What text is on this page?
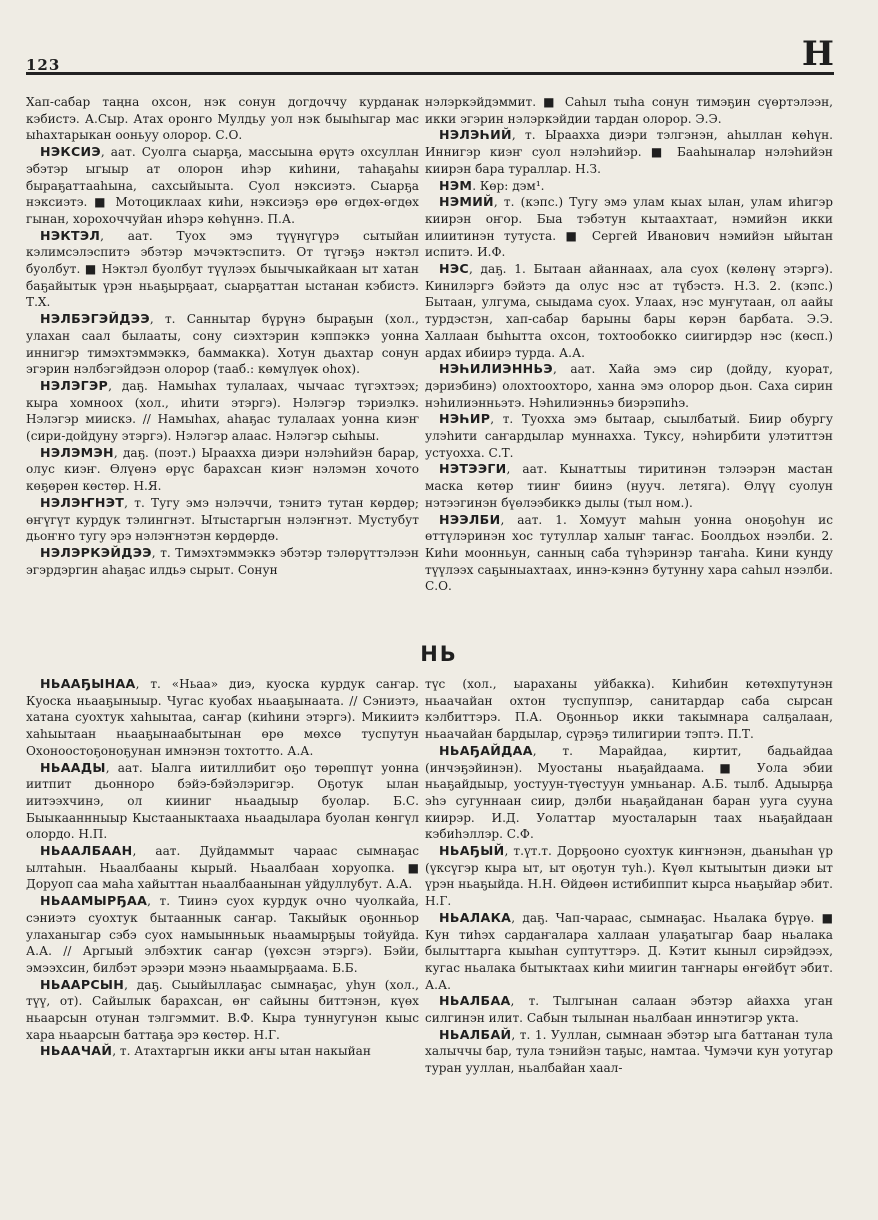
123	Н

Хап-сабар таңна охсон, нэк сонун догдоччу курданак кэбистэ. А.Сыр. Атах оронго Мулдьу уол нэк быыһыгар мас ыһахтарыкан ооньуу олорор. С.О.

НЭКСИЭ, аат. Суолга сыарҕа, массыына өрүтэ охсуллан эбэтэр ыгыыр ат олорон иһэр киһини, таһаҕаһы быраҕаттааһына, сахсыйыыта. Суол нэксиэтэ. Сыарҕа нэксиэтэ. ■ Мотоциклаах киһи, нэксиэҕэ өрө өгдөх-өгдөх гынан, хорохоччуйан иһэрэ көһүннэ. П.А.

НЭКТЭЛ, аат. Туох эмэ түүнүгүрэ сытыйан кэлимсэлэспитэ эбэтэр мэчэктэспитэ. От түгэҕэ нэктэл буолбут. ■ Нэктэл буолбут түүлээх быычыкайкаан ыт хатан баҕайытык үрэн ньаҕырҕаат, сыарҕаттан ыстанан кэбистэ. Т.Х.

НЭЛБЭГЭЙДЭЭ, т. Саннытар бүрүнэ быраҕын (хол., улахан саал былааты, сону сиэхтэрин кэппэккэ уонна иннигэр тимэхтэммэккэ, баммакка). Хотун дьахтар сонун эгэрин нэлбэгэйдээн олорор (тааб.: көмүлүөк оһох).

НЭЛЭГЭР, даҕ. Намыһах тулалаах, чычаас түгэхтээх; кыра хомноох (хол., иһити этэргэ). Нэлэгэр тэриэлкэ. Нэлэгэр миискэ. // Намыһах, аһаҕас тулалаах уонна киэҥ (сири-дойдуну этэргэ). Нэлэгэр алаас. Нэлэгэр сыһыы.

НЭЛЭМЭН, даҕ. (поэт.) Ыраахха диэри нэлэһийэн барар, олус киэҥ. Өлүөнэ өрүс барахсан киэҥ нэлэмэн хочото көҕөрөн көстөр. Н.Я.

НЭЛЭҤНЭТ, т. Тугу эмэ нэлэччи, тэнитэ тутан көрдөр; өҥүгүт курдук тэлингнэт. Ытыстаргын нэлэҥнэт. Мустубут дьоҥҥо тугу эрэ нэлэҥнэтэн көрдөрдө.

НЭЛЭРКЭЙДЭЭ, т. Тимэхтэммэккэ эбэтэр тэлөрүттэлээн эгэрдэргин аһаҕас илдьэ сырыт. Сонун

нэлэркэйдэммит. ■ Саһыл тыһа сонун тимэҕин сүөртэлээн, икки эгэрин нэлэркэйдии тардан олорор. Э.Э.

НЭЛЭҺИЙ, т. Ыраахха диэри тэлгэнэн, аһыллан көһүн. Иннигэр киэҥ суол нэлэһийэр. ■ Бааһыналар нэлэһийэн киирэн бара тураллар. Н.З.

НЭМ. Көр: дэм¹.

НЭМИЙ, т. (кэпс.) Тугу эмэ улам кыах ылан, улам иһигэр киирэн оҥор. Быа тэбэтун кытаахтаат, нэмийэн икки илиитинэн тутуста. ■ Сергей Иванович нэмийэн ыйытан испитэ. И.Ф.

НЭС, даҕ. 1. Бытаан айаннаах, ала суох (көлөнү этэргэ). Кинилэргэ бэйэтэ да олус нэс ат түбэстэ. Н.З. 2. (кэпс.) Бытаан, улгума, сыыдама суох. Улаах, нэс муҥутаан, ол аайы турдэстэн, хап-сабар барыны бары көрэн барбата. Э.Э. Халлаан быһытта охсон, тохтообокко сиигирдэр нэс (көсп.) ардах ибиирэ турда. А.А.

НЭҺИЛИЭННЬЭ, аат. Хайа эмэ сир (дойду, куорат, дэриэбинэ) олохтоохторо, ханна эмэ олорор дьон. Саха сирин нэһилиэнньэтэ. Нэһилиэнньэ биэрэпиһэ.

НЭҺИР, т. Туохха эмэ бытаар, сыылбатый. Биир обургу улэһити саҥардылар муннахха. Туксу, нэһирбити улэтиттэн устуохха. С.Т.

НЭТЭЭГИ, аат. Кынаттыы тиритинэн тэлээрэн мастан маска көтөр тииҥ биинэ (нууч. летяга). Өлүү суолун нэтээгинэн бүөлээбиккэ дылы (тыл ном.).

НЭЭЛБИ, аат. 1. Хомуут маһын уонна оноҕоһун ис өттүлэринэн хос тутуллар халыҥ таҥас. Боолдьох нээлби. 2. Киһи моонньун, санның саба түһэринэр таҥаһа. Кини кунду түүлээх саҕыныахтаах, иннэ-кэннэ бутунну хара саһыл нээлби. С.О.

НЬ

НЬААҔЫНАА, т. «Ньаа» диэ, куоска курдук саҥар. Куоска ньааҕыныыр. Чугас куобах ньааҕынаата. // Сэниэтэ, хатана суохтук хаһыытаа, саҥар (киһини этэргэ). Микиитэ хаһыытаан ньааҕынаабытынан өрө мөхсө туспутун Охонооcтоҕоноҕунан имнэнэн тохтотто. А.А.

НЬААДЫ, аат. Ыалга иитиллибит оҕо төрөппүт уонна иитпит дьонноро бэйэ-бэйэлэригэр. Оҕотук ылан иитээхчинэ, ол кииниг ньаадыыр буолар. Б.С. Быыкааннныыр Кыстааныктааха ньаадылара буолан көнгүл олордо. Н.П.

НЬААЛБААН, аат. Дуйдаммыт чараас сымнаҕас ылтаһын. Ньаалбааны кырый. Ньаалбаан хоруопка. ■ Доруоп саа маһа хайыттан ньаалбаанынан уйдуллубут. А.А.

НЬААМЫРҔАА, т. Тиинэ суох курдук очно чуолкайа, сэниэтэ суохтук бытааннык саҥар. Такыйык оҕонньор улаханыгар сэбэ суох намыынньык ньаамырҕыы тойуйда. А.А. // Аргыый элбэхтик саҥар (үөхсэн этэргэ). Бэйи, эмээхсин, билбэт эрээри мээнэ ньаамырҕаама. Б.Б.

НЬААРСЫН, даҕ. Сыыйыллаҕас сымнаҕас, уһун (хол., түү, от). Сайылык барахсан, өҥ сайыны биттэнэн, күөх ньаарсын отунан тэлгэммит. В.Ф. Кыра туннугунэн кыыс хара ньаарсын баттаҕа эрэ көстөр. Н.Г.

НЬААЧАЙ, т. Атахтаргын икки аҥы ытан накыйан

түс (хол., ыараханы уйбакка). Киһибин көтөхпутунэн ньаачайан охтон туспуппэр, санитардар саба сырсан кэлбиттэрэ. П.А. Оҕонньор икки такымнара салҕалаан, ньаачайан бардылар, сүрэҕэ тилигирии тэптэ. П.Т.

НЬАҔАЙДАА, т. Марайдаа, киртит, бадьайдаа (инчэҕэйинэн). Муостаны ньаҕайдаама. ■ Уола эбии ньаҕайдыыр, уостуун-түөстуун умньанар. А.Б. тылб. Адыырҕа эһэ сугуннаан сиир, дэлби ньаҕайданан баран ууга сууна киирэр. И.Д. Уолаттар муосталарын таах ньаҕайдаан кэбиһэллэр. С.Ф.

НЬАҔЫЙ, т.үт.т. Дорҕооно суохтук киҥнэнэн, дьаныһан үр (үксүгэр кыра ыт, ыт оҕотун туһ.). Күөл кытыытын диэки ыт үрэн ньаҕыйда. Н.Н. Өйдөөн истибиппит кырса ньаҕыйар эбит. Н.Г.

НЬАЛАКА, даҕ. Чап-чараас, сымнаҕас. Ньалака бүрүө. ■ Кун тиһэх сардаҥалара халлаан улаҕатыгар баар ньалака былыттарга кыыһан суптуттэрэ. Д. Кэтит кыныл сирэйдээх, кугас ньалака бытыктаах киһи миигин таҥнары өҥөйбүт эбит. А.А.

НЬАЛБАА, т. Тылгынан салаан эбэтэр айахха уган силгинэн илит. Сабын тылынан ньалбаан иннэтигэр укта.

НЬАЛБАЙ, т. 1. Ууллан, сымнаан эбэтэр ыга баттанан тула халыччы бар, тула тэнийэн таҕыс, намтаа. Чумэчи кун уотугар туран ууллан, ньалбайан хаал-
